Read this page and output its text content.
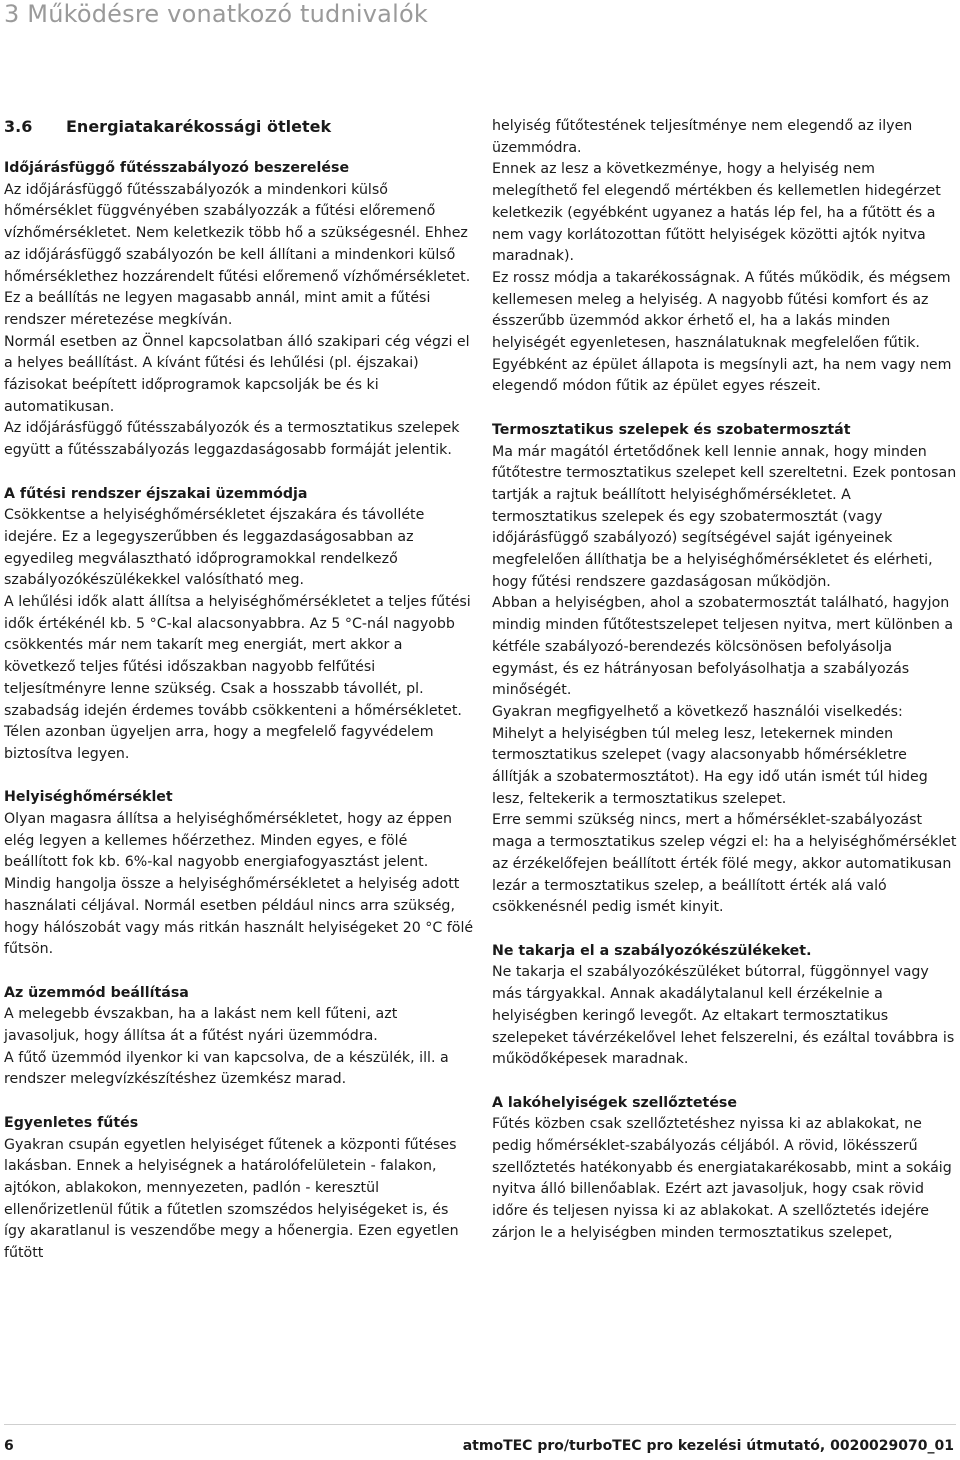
3 Működésre vonatkozó tudnivalók
3.6 Energiatakarékossági ötletek
Időjárásfüggő fűtésszabályozó beszerelése

Az időjárásfüggő fűtésszabályozók a mindenkori külső hőmérséklet függvényében szabályozzák a fűtési előremenő vízhőmérsékletet. Nem keletkezik több hő a szükségesnél. Ehhez az időjárásfüggő szabályozón be kell állítani a mindenkori külső hőmérséklethez hozzárendelt fűtési előremenő vízhőmérsékletet. Ez a beállítás ne legyen magasabb annál, mint amit a fűtési rendszer méretezése megkíván.

Normál esetben az Önnel kapcsolatban álló szakipari cég végzi el a helyes beállítást. A kívánt fűtési és lehűlési (pl. éjszakai) fázisokat beépített időprogramok kapcsolják be és ki automatikusan.

Az időjárásfüggő fűtésszabályozók és a termosztatikus szelepek együtt a fűtésszabályozás leggazdaságosabb formáját jelentik.

A fűtési rendszer éjszakai üzemmódja

Csökkentse a helyiséghőmérsékletet éjszakára és távolléte idejére. Ez a legegyszerűbben és leggazdaságosabban az egyedileg megválasztható időprogramokkal rendelkező szabályozókészülékekkel valósítható meg.

A lehűlési idők alatt állítsa a helyiséghőmérsékletet a teljes fűtési idők értékénél kb. 5 °C-kal alacsonyabbra. Az 5 °C-nál nagyobb csökkentés már nem takarít meg energiát, mert akkor a következő teljes fűtési időszakban nagyobb felfűtési teljesítményre lenne szükség. Csak a hosszabb távollét, pl. szabadság idején érdemes tovább csökkenteni a hőmérsékletet. Télen azonban ügyeljen arra, hogy a megfelelő fagyvédelem biztosítva legyen.

Helyiséghőmérséklet

Olyan magasra állítsa a helyiséghőmérsékletet, hogy az éppen elég legyen a kellemes hőérzethez. Minden egyes, e fölé beállított fok kb. 6%-kal nagyobb energiafogyasztást jelent.

Mindig hangolja össze a helyiséghőmérsékletet a helyiség adott használati céljával. Normál esetben például nincs arra szükség, hogy hálószobát vagy más ritkán használt helyiségeket 20 °C fölé fűtsön.

Az üzemmód beállítása

A melegebb évszakban, ha a lakást nem kell fűteni, azt javasoljuk, hogy állítsa át a fűtést nyári üzemmódra.

A fűtő üzemmód ilyenkor ki van kapcsolva, de a készülék, ill. a rendszer melegvízkészítéshez üzemkész marad.

Egyenletes fűtés

Gyakran csupán egyetlen helyiséget fűtenek a központi fűtéses lakásban. Ennek a helyiségnek a határolófelületein - falakon, ajtókon, ablakokon, mennyezeten, padlón - keresztül ellenőrizetlenül fűtik a fűtetlen szomszédos helyiségeket is, és így akaratlanul is veszendőbe megy a hőenergia. Ezen egyetlen fűtött

helyiség fűtőtestének teljesítménye nem elegendő az ilyen üzemmódra.

Ennek az lesz a következménye, hogy a helyiség nem melegíthető fel elegendő mértékben és kellemetlen hidegérzet keletkezik (egyébként ugyanez a hatás lép fel, ha a fűtött és a nem vagy korlátozottan fűtött helyiségek közötti ajtók nyitva maradnak).

Ez rossz módja a takarékosságnak. A fűtés működik, és mégsem kellemesen meleg a helyiség. A nagyobb fűtési komfort és az ésszerűbb üzemmód akkor érhető el, ha a lakás minden helyiségét egyenletesen, használatuknak megfelelően fűtik.

Egyébként az épület állapota is megsínyli azt, ha nem vagy nem elegendő módon fűtik az épület egyes részeit.

Termosztatikus szelepek és szobatermosztát

Ma már magától értetődőnek kell lennie annak, hogy minden fűtőtestre termosztatikus szelepet kell szereltetni. Ezek pontosan tartják a rajtuk beállított helyiséghőmérsékletet. A termosztatikus szelepek és egy szobatermosztát (vagy időjárásfüggő szabályozó) segítségével saját igényeinek megfelelően állíthatja be a helyiséghőmérsékletet és elérheti, hogy fűtési rendszere gazdaságosan működjön.

Abban a helyiségben, ahol a szobatermosztát található, hagyjon mindig minden fűtőtestszelepet teljesen nyitva, mert különben a kétféle szabályozó-berendezés kölcsönösen befolyásolja egymást, és ez hátrányosan befolyásolhatja a szabályozás minőségét.

Gyakran megfigyelhető a következő használói viselkedés: Mihelyt a helyiségben túl meleg lesz, letekernek minden termosztatikus szelepet (vagy alacsonyabb hőmérsékletre állítják a szobatermosztátot). Ha egy idő után ismét túl hideg lesz, feltekerik a termosztatikus szelepet.

Erre semmi szükség nincs, mert a hőmérséklet-szabályozást maga a termosztatikus szelep végzi el: ha a helyiséghőmérséklet az érzékelőfejen beállított érték fölé megy, akkor automatikusan lezár a termosztatikus szelep, a beállított érték alá való csökkenésnél pedig ismét kinyit.

Ne takarja el a szabályozókészülékeket.

Ne takarja el szabályozókészüléket bútorral, függönnyel vagy más tárgyakkal. Annak akadálytalanul kell érzékelnie a helyiségben keringő levegőt. Az eltakart termosztatikus szelepeket távérzékelővel lehet felszerelni, és ezáltal továbbra is működőképesek maradnak.

A lakóhelyiségek szellőztetése

Fűtés közben csak szellőztetéshez nyissa ki az ablakokat, ne pedig hőmérséklet-szabályozás céljából. A rövid, lökésszerű szellőztetés hatékonyabb és energiatakarékosabb, mint a sokáig nyitva álló billenőablak. Ezért azt javasoljuk, hogy csak rövid időre és teljesen nyissa ki az ablakokat. A szellőztetés idejére zárjon le a helyiségben minden termosztatikus szelepet,

6	atmoTEC pro/turboTEC pro kezelési útmutató, 0020029070_01
